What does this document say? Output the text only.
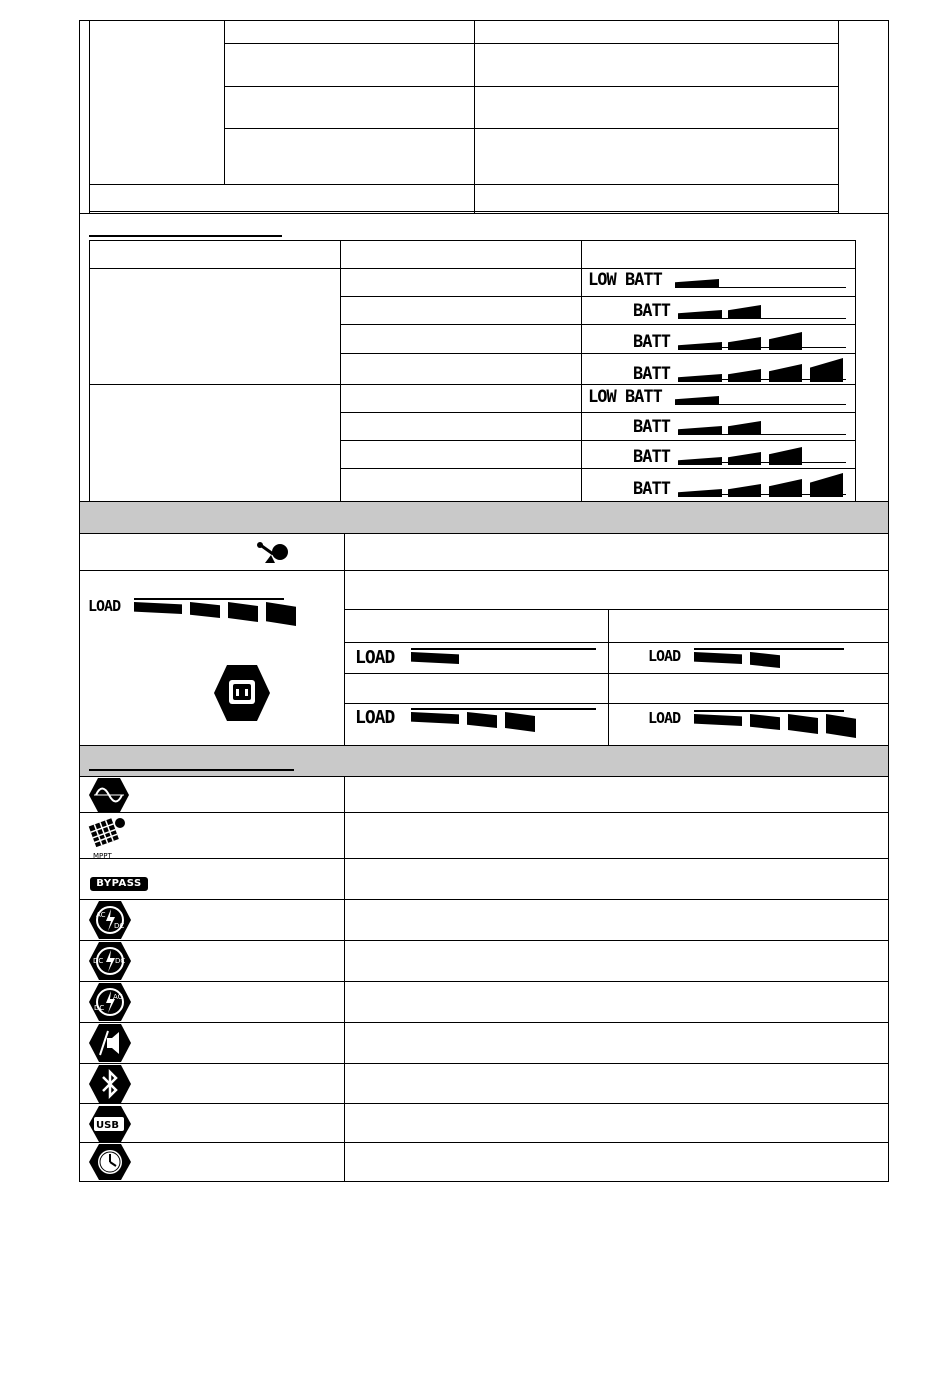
LOW BATT
BATT
BATT
BATT
LOW BATT
BATT
BATT
BATT
LOAD
LOAD	LOAD
LOAD	LOAD
MPPT
BYPASS
AC
DC
DC DC
DC
AC
USB
